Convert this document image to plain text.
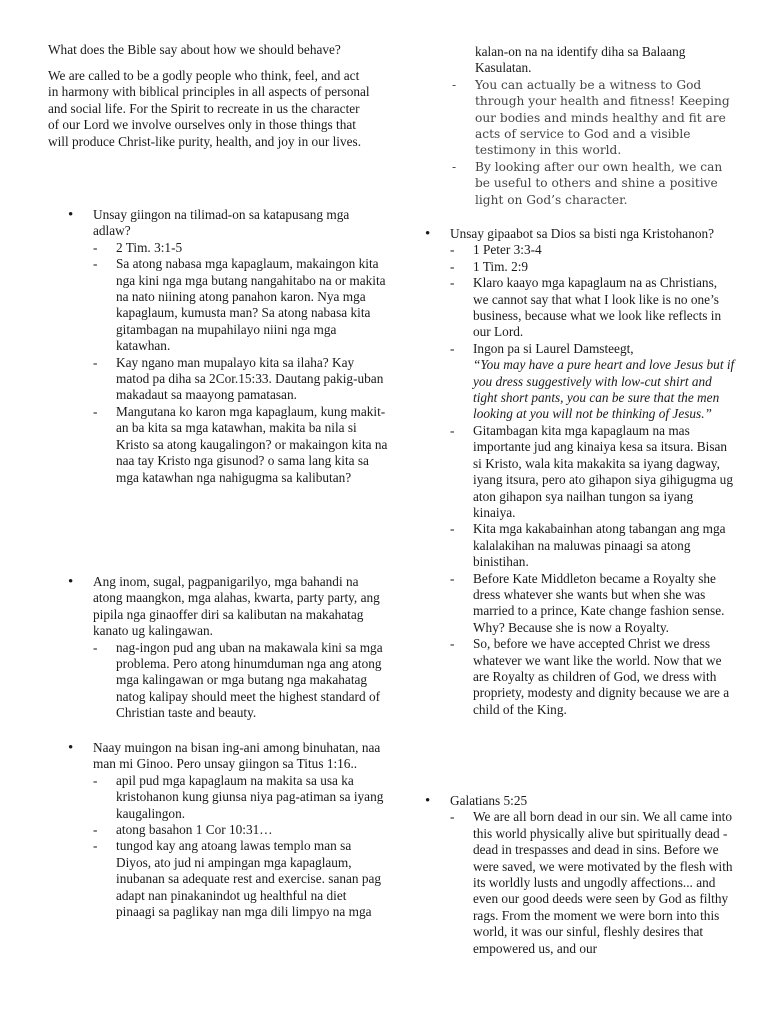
What does the Bible say about how we should behave?
We are called to be a godly people who think, feel, and act in harmony with biblical principles in all aspects of personal and social life. For the Spirit to recreate in us the character of our Lord we involve ourselves only in those things that will produce Christ-like purity, health, and joy in our lives.
• Unsay giingon na tilimad-on sa katapusang mga adlaw?
- 2 Tim. 3:1-5
- Sa atong nabasa mga kapaglaum, makaingon kita nga kini nga mga butang nangahitabo na or makita na nato niining atong panahon karon. Nya mga kapaglaum, kumusta man? Sa atong nabasa kita gitambagan na mupahilayo niini nga mga katawhan.
- Kay ngano man mupalayo kita sa ilaha? Kay matod pa diha sa 2Cor.15:33. Dautang pakig-uban makadaut sa maayong pamatasan.
- Mangutana ko karon mga kapaglaum, kung makit-an ba kita sa mga katawhan, makita ba nila si Kristo sa atong kaugalingon? or makaingon kita na naa tay Kristo nga gisunod? o sama lang kita sa mga katawhan nga nahigugma sa kalibutan?
• Ang inom, sugal, pagpanigarilyo, mga bahandi na atong maangkon, mga alahas, kwarta, party party, ang pipila nga ginaoffer diri sa kalibutan na makahatag kanato ug kalingawan.
- nag-ingon pud ang uban na makawala kini sa mga problema. Pero atong hinumduman nga ang atong mga kalingawan or mga butang nga makahatag natog kalipay should meet the highest standard of Christian taste and beauty.
• Naay muingon na bisan ing-ani among binuhatan, naa man mi Ginoo. Pero unsay giingon sa Titus 1:16..
- apil pud mga kapaglaum na makita sa usa ka kristohanon kung giunsa niya pag-atiman sa iyang kaugalingon.
- atong basahon 1 Cor 10:31…
- tungod kay ang atoang lawas templo man sa Diyos, ato jud ni ampingan mga kapaglaum, inubanan sa adequate rest and exercise. sanan pag adapt nan pinakanindot ug healthful na diet pinaagi sa paglikay nan mga dili limpyo na mga
kalan-on na na identify diha sa Balaang Kasulatan.
- You can actually be a witness to God through your health and fitness! Keeping our bodies and minds healthy and fit are acts of service to God and a visible testimony in this world.
- By looking after our own health, we can be useful to others and shine a positive light on God’s character.
• Unsay gipaabot sa Dios sa bisti nga Kristohanon?
- 1 Peter 3:3-4
- 1 Tim. 2:9
- Klaro kaayo mga kapaglaum na as Christians, we cannot say that what I look like is no one’s business, because what we look like reflects in our Lord.
- Ingon pa si Laurel Damsteegt,
“You may have a pure heart and love Jesus but if you dress suggestively with low-cut shirt and tight short pants, you can be sure that the men looking at you will not be thinking of Jesus.”
- Gitambagan kita mga kapaglaum na mas importante jud ang kinaiya kesa sa itsura. Bisan si Kristo, wala kita makakita sa iyang dagway, iyang itsura, pero ato gihapon siya gihigugma ug aton gihapon sya nailhan tungon sa iyang kinaiya.
- Kita mga kakabainhan atong tabangan ang mga kalalakihan na maluwas pinaagi sa atong binistihan.
- Before Kate Middleton became a Royalty she dress whatever she wants but when she was married to a prince, Kate change fashion sense. Why? Because she is now a Royalty.
- So, before we have accepted Christ we dress whatever we want like the world. Now that we are Royalty as children of God, we dress with propriety, modesty and dignity because we are a child of the King.
• Galatians 5:25
- We are all born dead in our sin. We all came into this world physically alive but spiritually dead - dead in trespasses and dead in sins. Before we were saved, we were motivated by the flesh with its worldly lusts and ungodly affections... and even our good deeds were seen by God as filthy rags. From the moment we were born into this world, it was our sinful, fleshly desires that empowered us, and our
